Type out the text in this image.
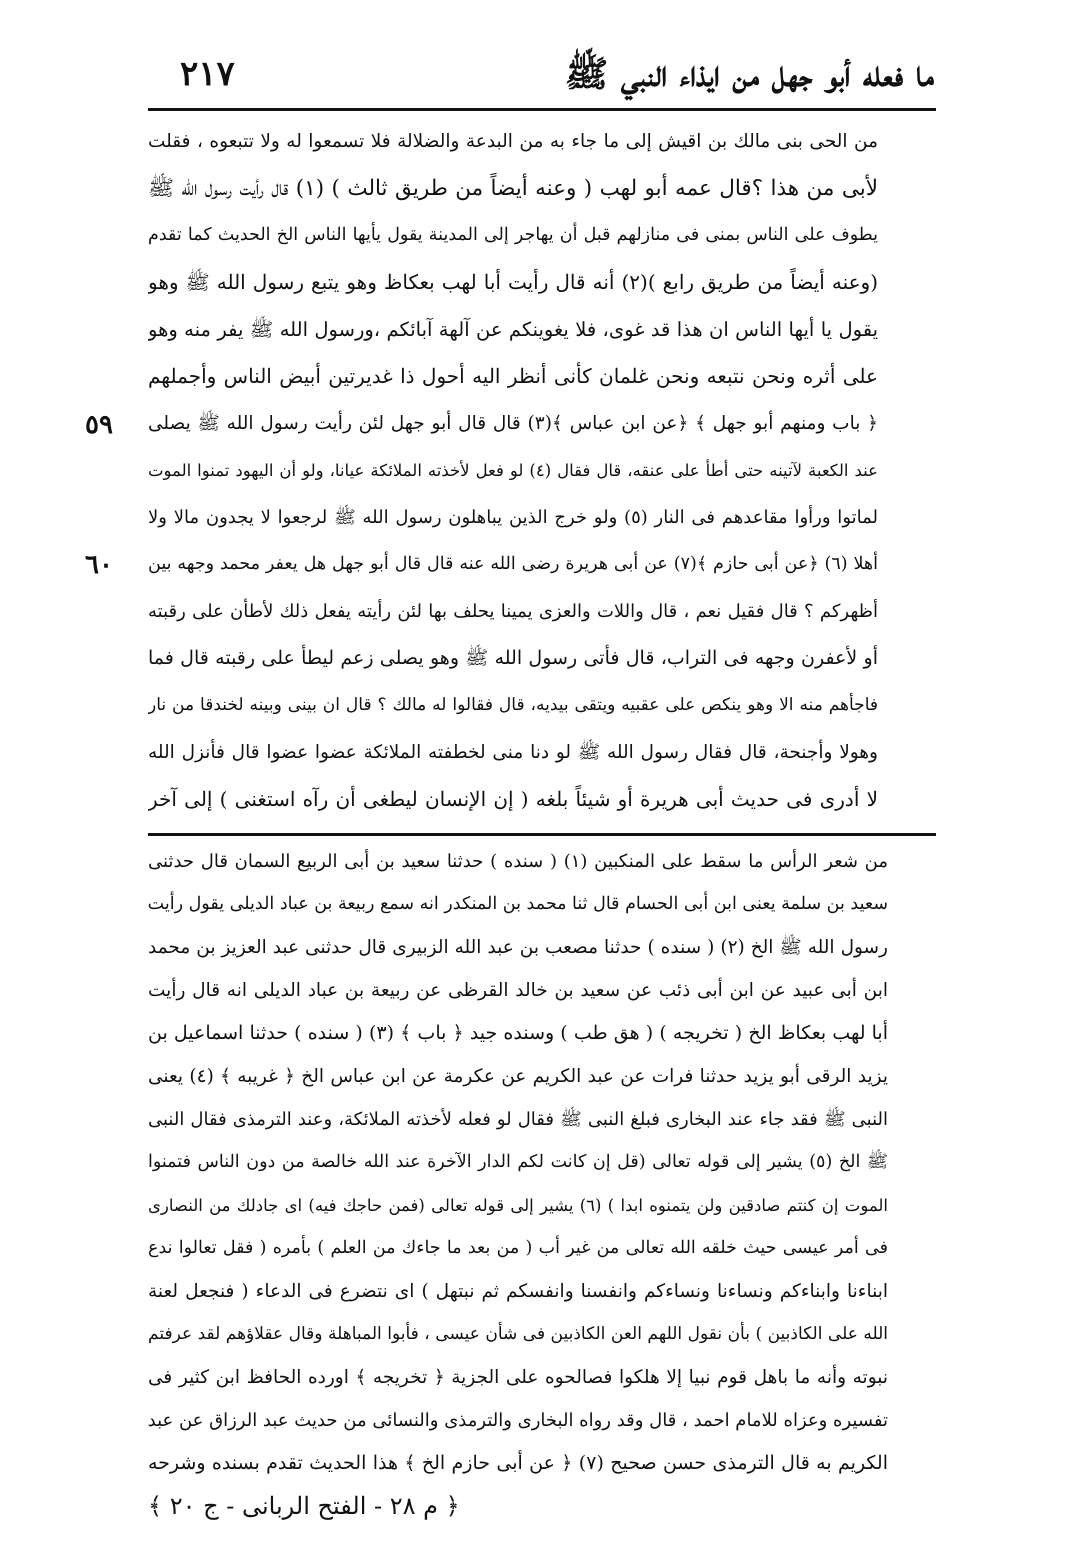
٢١٧	ما فعله أبو جهل من ايذاء النبي ﷺ
٥٩
٦٠
من الحى بنى مالك بن اقيش إلى ما جاء به من البدعة والضلالة فلا تسمعوا له ولا تتبعوه ، فقلت
لأبى من هذا ؟قال عمه أبو لهب ( وعنه أيضاً من طريق ثالث ) (١) قال رأيت رسول الله ﷺ
يطوف على الناس بمنى فى منازلهم قبل أن يهاجر إلى المدينة يقول يأيها الناس الخ الحديث كما تقدم
(وعنه أيضاً من طريق رابع )(٢) أنه قال رأيت أبا لهب بعكاظ وهو يتبع رسول الله ﷺ وهو
يقول يا أيها الناس ان هذا قد غوى، فلا يغوينكم عن آلهة آبائكم ،ورسول الله ﷺ يفر منه وهو
على أثره ونحن نتبعه ونحن غلمان كأنى أنظر اليه أحول ذا غديرتين أبيض الناس وأجملهم
﴿ باب ومنهم أبو جهل ﴾ ﴿عن ابن عباس ﴾(٣) قال قال أبو جهل لئن رأيت رسول الله ﷺ يصلى
عند الكعبة لآتينه حتى أطأ على عنقه، قال فقال (٤) لو فعل لأخذته الملائكة عيانا، ولو أن اليهود تمنوا الموت
لماتوا ورأوا مقاعدهم فى النار (٥) ولو خرج الذين يباهلون رسول الله ﷺ لرجعوا لا يجدون مالا ولا
أهلا (٦) ﴿عن أبى حازم ﴾(٧) عن أبى هريرة رضى الله عنه قال قال أبو جهل هل يعفر محمد وجهه بين
أظهركم ؟ قال فقيل نعم ، قال واللات والعزى يمينا يحلف بها لئن رأيته يفعل ذلك لأطأن على رقبته
أو لأعفرن وجهه فى التراب، قال فأتى رسول الله ﷺ وهو يصلى زعم ليطأ على رقبته قال فما
فاجأهم منه الا وهو ينكص على عقبيه ويتقى بيديه، قال فقالوا له مالك ؟ قال ان بينى وبينه لخندقا من نار
وهولا وأجنحة، قال فقال رسول الله ﷺ لو دنا منى لخطفته الملائكة عضوا عضوا قال فأنزل الله
لا أدرى فى حديث أبى هريرة أو شيئاً بلغه ( إن الإنسان ليطغى أن رآه استغنى ) إلى آخر
من شعر الرأس ما سقط على المنكبين (١) ( سنده ) حدثنا سعيد بن أبى الربيع السمان قال حدثنى
سعيد بن سلمة يعنى ابن أبى الحسام قال ثنا محمد بن المنكدر انه سمع ربيعة بن عباد الديلى يقول رأيت
رسول الله ﷺ الخ (٢) ( سنده ) حدثنا مصعب بن عبد الله الزبيرى قال حدثنى عبد العزيز بن محمد
ابن أبى عبيد عن ابن أبى ذئب عن سعيد بن خالد القرظى عن ربيعة بن عباد الديلى انه قال رأيت
أبا لهب بعكاظ الخ ( تخريجه ) ( هق طب ) وسنده جيد ﴿ باب ﴾ (٣) ( سنده ) حدثنا اسماعيل بن
يزيد الرقى أبو يزيد حدثنا فرات عن عبد الكريم عن عكرمة عن ابن عباس الخ ﴿ غريبه ﴾ (٤) يعنى
النبى ﷺ فقد جاء عند البخارى فبلغ النبى ﷺ فقال لو فعله لأخذته الملائكة، وعند الترمذى فقال النبى
ﷺ الخ (٥) يشير إلى قوله تعالى (قل إن كانت لكم الدار الآخرة عند الله خالصة من دون الناس فتمنوا
الموت إن كنتم صادقين ولن يتمنوه ابدا ) (٦) يشير إلى قوله تعالى (فمن حاجك فيه) اى جادلك من النصارى
فى أمر عيسى حيث خلقه الله تعالى من غير أب ( من بعد ما جاءك من العلم ) بأمره ( فقل تعالوا ندع
ابناءنا وابناءكم ونساءنا ونساءكم وانفسنا وانفسكم ثم نبتهل ) اى نتضرع فى الدعاء ( فنجعل لعنة
الله على الكاذبين ) بأن نقول اللهم العن الكاذبين فى شأن عيسى ، فأبوا المباهلة وقال عقلاؤهم لقد عرفتم
نبوته وأنه ما باهل قوم نبيا إلا هلكوا فصالحوه على الجزية ﴿ تخريجه ﴾ اورده الحافظ ابن كثير فى
تفسيره وعزاه للامام احمد ، قال وقد رواه البخارى والترمذى والنسائى من حديث عبد الرزاق عن عبد
الكريم به قال الترمذى حسن صحيح (٧) ﴿ عن أبى حازم الخ ﴾ هذا الحديث تقدم بسنده وشرحه
﴿ م ٢٨ - الفتح الربانى - ج ٢٠ ﴾
